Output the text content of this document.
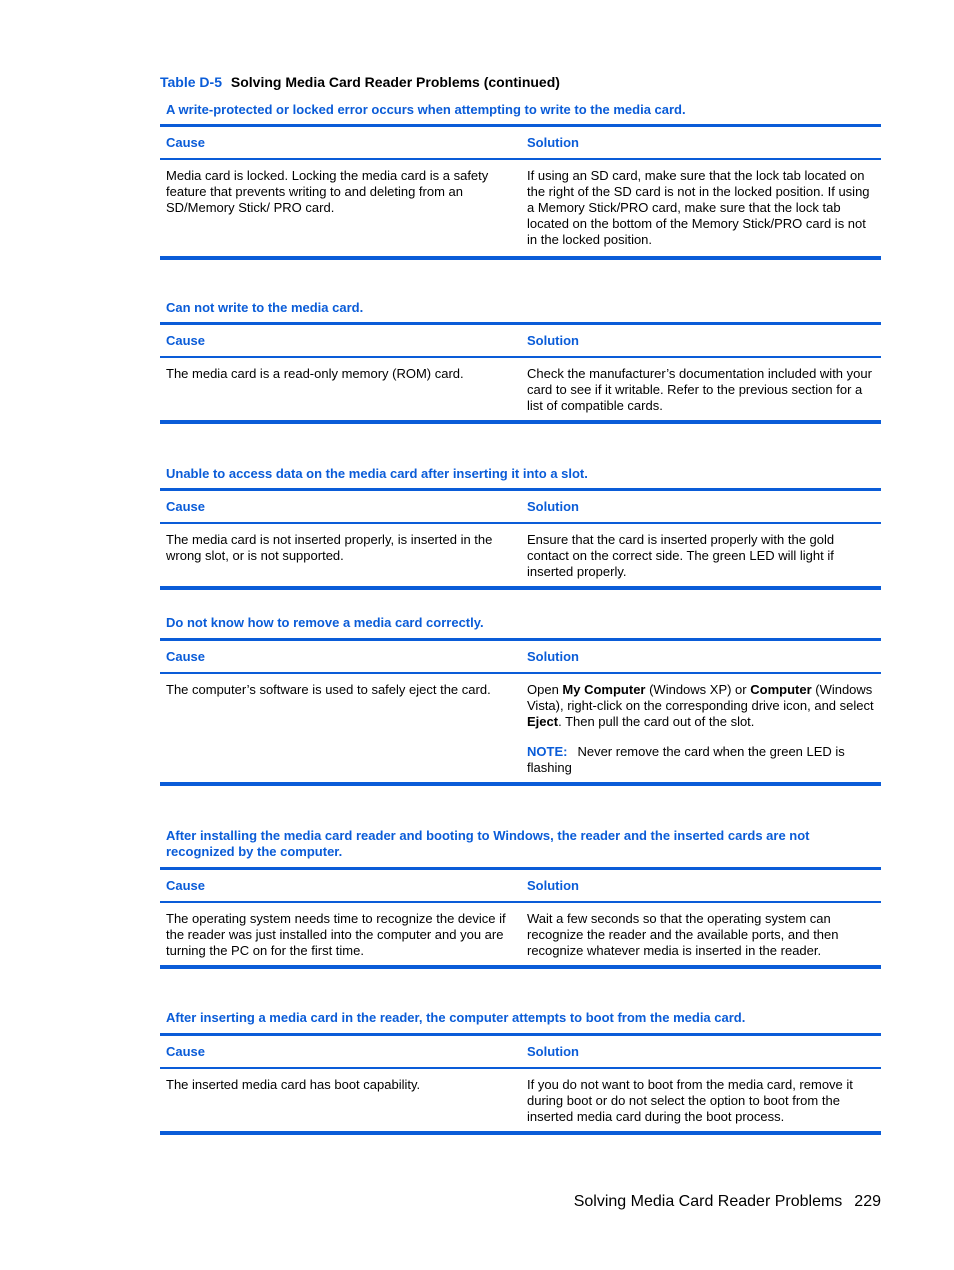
Table D-5 Solving Media Card Reader Problems (continued)
A write-protected or locked error occurs when attempting to write to the media card.
Cause	Solution
Media card is locked. Locking the media card is a safety feature that prevents writing to and deleting from an SD/Memory Stick/ PRO card.	If using an SD card, make sure that the lock tab located on the right of the SD card is not in the locked position. If using a Memory Stick/PRO card, make sure that the lock tab located on the bottom of the Memory Stick/PRO card is not in the locked position.
Can not write to the media card.
Cause	Solution
The media card is a read-only memory (ROM) card.	Check the manufacturer’s documentation included with your card to see if it writable. Refer to the previous section for a list of compatible cards.
Unable to access data on the media card after inserting it into a slot.
Cause	Solution
The media card is not inserted properly, is inserted in the wrong slot, or is not supported.	Ensure that the card is inserted properly with the gold contact on the correct side. The green LED will light if inserted properly.
Do not know how to remove a media card correctly.
Cause	Solution
The computer’s software is used to safely eject the card.	Open My Computer (Windows XP) or Computer (Windows Vista), right-click on the corresponding drive icon, and select Eject. Then pull the card out of the slot.
NOTE: Never remove the card when the green LED is flashing
After installing the media card reader and booting to Windows, the reader and the inserted cards are not recognized by the computer.
Cause	Solution
The operating system needs time to recognize the device if the reader was just installed into the computer and you are turning the PC on for the first time.	Wait a few seconds so that the operating system can recognize the reader and the available ports, and then recognize whatever media is inserted in the reader.
After inserting a media card in the reader, the computer attempts to boot from the media card.
Cause	Solution
The inserted media card has boot capability.	If you do not want to boot from the media card, remove it during boot or do not select the option to boot from the inserted media card during the boot process.
Solving Media Card Reader Problems 229
